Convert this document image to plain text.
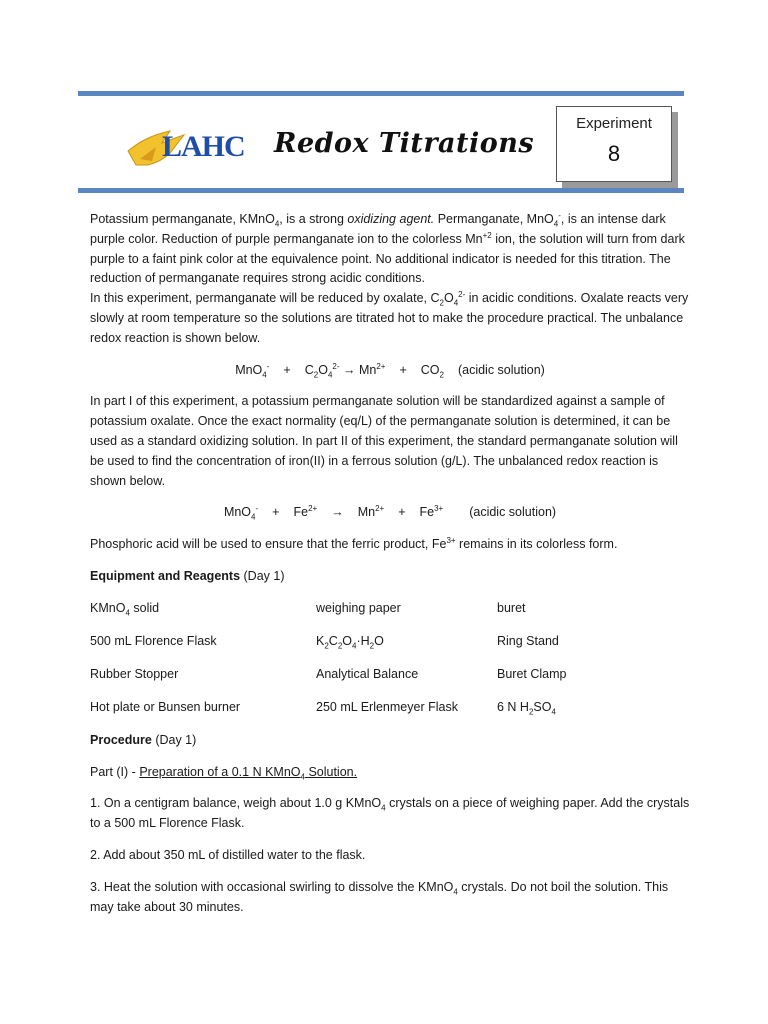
LAHC Redox Titrations
Experiment
8

Potassium permanganate, KMnO$_4$, is a strong oxidizing agent. Permanganate, MnO$_4$-, is an intense dark purple color. Reduction of purple permanganate ion to the colorless $Mn^{+2}$ ion, the solution will turn from dark purple to a faint pink color at the equivalence point. No additional indicator is needed for this titration. The reduction of permanganate requires strong acidic conditions.

In this experiment, permanganate will be reduced by oxalate, $C_2O_4^{2-}$ in acidic conditions. Oxalate reacts very slowly at room temperature so the solutions are titrated hot to make the procedure practical. The unbalance redox reaction is shown below.

$MnO_4^- + C_2O_4^{2-} \to Mn^{2+} + CO_2$ (acidic solution)

In part I of this experiment, a potassium permanganate solution will be standardized against a sample of potassium oxalate. Once the exact normality (eq/L) of the permanganate solution is determined, it can be used as a standard oxidizing solution. In part II of this experiment, the standard permanganate solution will be used to find the concentration of iron(II) in a ferrous solution (g/L). The unbalanced redox reaction is shown below.

$MnO_4^- + Fe^{2+} \to Mn^{2+} + Fe^{3+}$ (acidic solution)

Phosphoric acid will be used to ensure that the ferric product, $Fe^{3+}$ remains in its colorless form.

Equipment and Reagents (Day 1)

KMnO$_4$ solid	weighing paper	buret
500 mL Florence Flask	$K_2C_2O_4\cdot H_2O$	Ring Stand
Rubber Stopper	Analytical Balance	Buret Clamp
Hot plate or Bunsen burner	250 mL Erlenmeyer Flask	6 N $H_2SO_4$

Procedure (Day 1)

Part (I) - Preparation of a 0.1 N KMnO$_4$ Solution.

1. On a centigram balance, weigh about 1.0 g KMnO$_4$ crystals on a piece of weighing paper. Add the crystals to a 500 mL Florence Flask.

2. Add about 350 mL of distilled water to the flask.

3. Heat the solution with occasional swirling to dissolve the KMnO$_4$ crystals. Do not boil the solution. This may take about 30 minutes.
